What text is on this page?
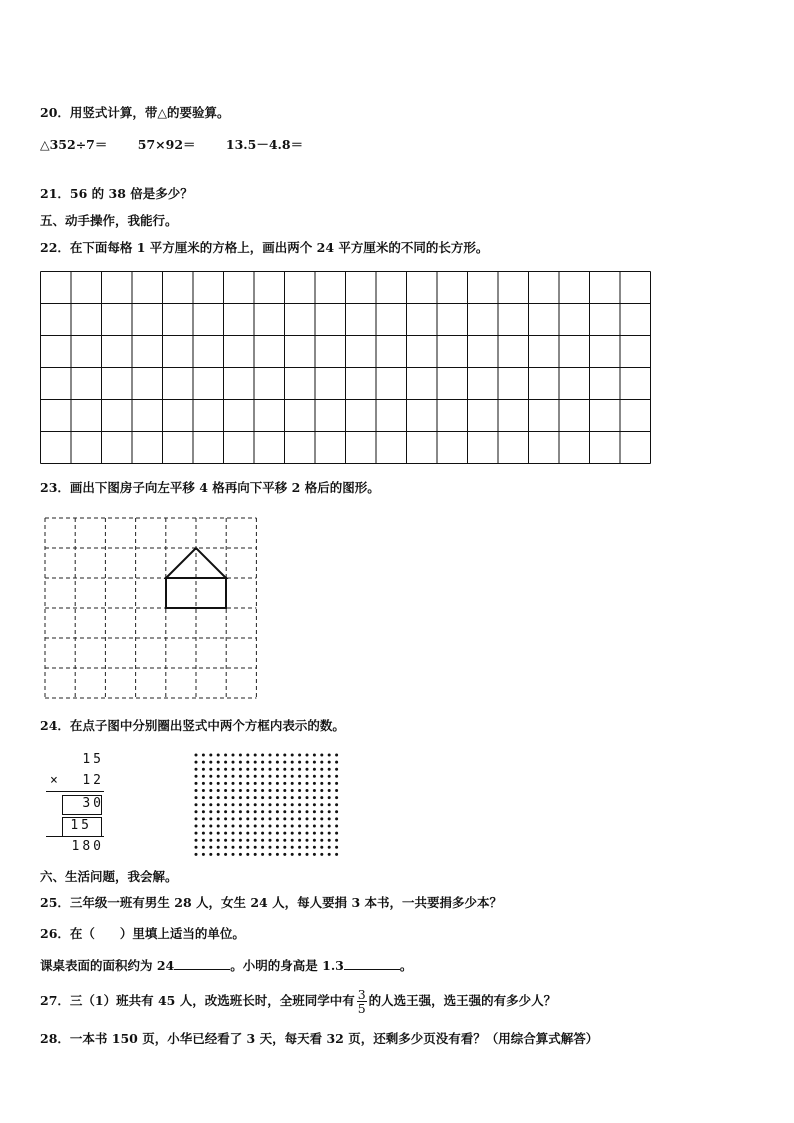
20．用竖式计算，带△的要验算。
△352÷7＝ 57×92＝ 13.5－4.8＝
21．56 的 38 倍是多少？
五、动手操作，我能行。
22．在下面每格 1 平方厘米的方格上，画出两个 24 平方厘米的不同的长方形。
23．画出下图房子向左平移 4 格再向下平移 2 格后的图形。
24．在点子图中分别圈出竖式中两个方框内表示的数。
15
× 12
30
15
180
六、生活问题，我会解。
25．三年级一班有男生 28 人，女生 24 人，每人要捐 3 本书，一共要捐多少本？
26．在（　　）里填上适当的单位。
课桌表面的面积约为 24	。小明的身高是 1.3	。
27．三（1）班共有 45 人，改选班长时，全班同学中有 $\frac{3}{5}$ 的人选王强，选王强的有多少人？
28．一本书 150 页，小华已经看了 3 天，每天看 32 页，还剩多少页没有看？（用综合算式解答）
